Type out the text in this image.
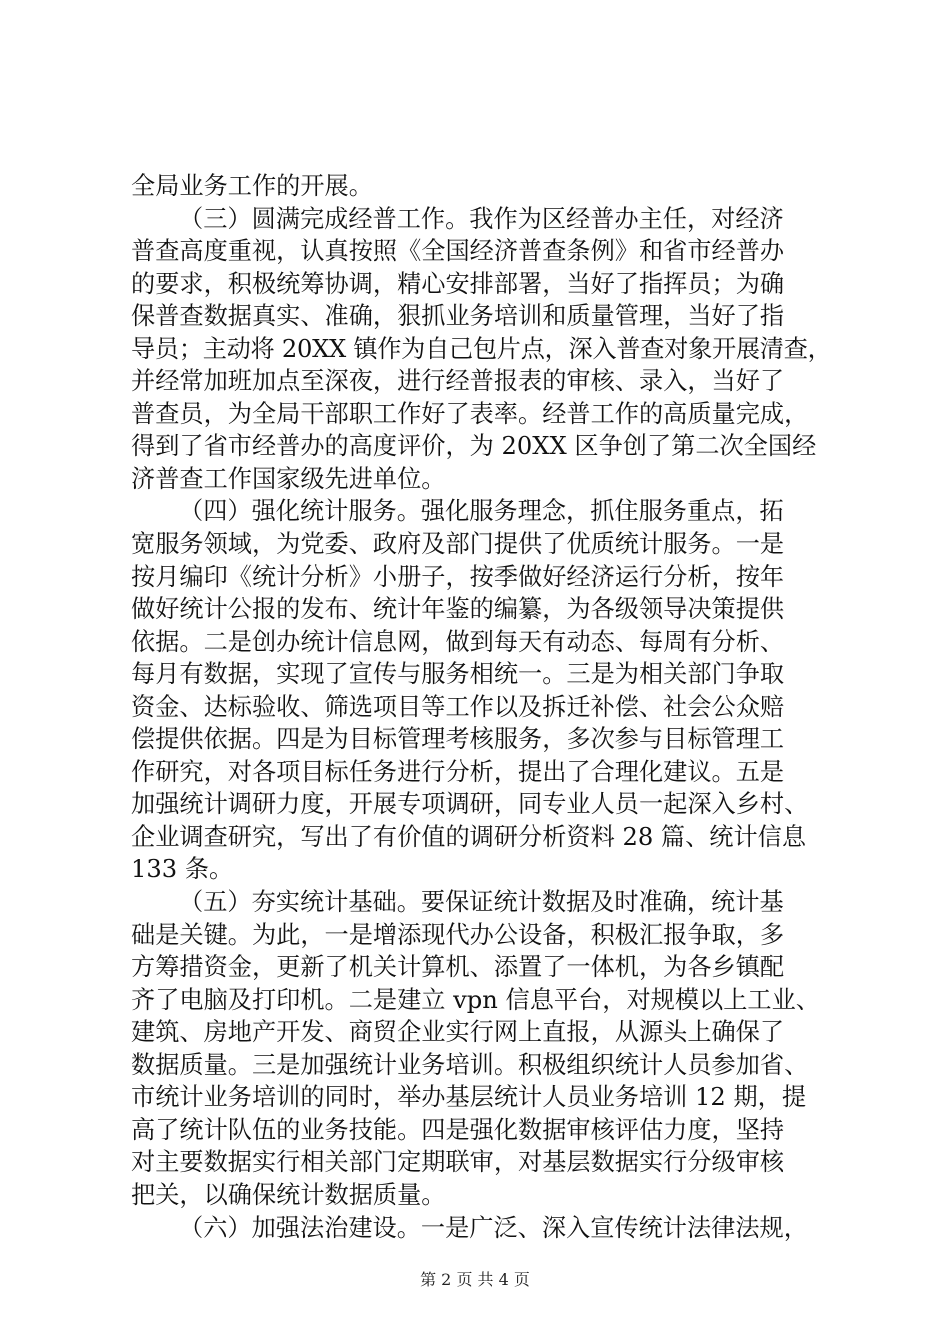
全局业务工作的开展。
（三）圆满完成经普工作。我作为区经普办主任，对经济
普查高度重视，认真按照《全国经济普查条例》和省市经普办
的要求，积极统筹协调，精心安排部署，当好了指挥员；为确
保普查数据真实、准确，狠抓业务培训和质量管理，当好了指
导员；主动将 20XX 镇作为自己包片点，深入普查对象开展清查，
并经常加班加点至深夜，进行经普报表的审核、录入，当好了
普查员，为全局干部职工作好了表率。经普工作的高质量完成，
得到了省市经普办的高度评价，为 20XX 区争创了第二次全国经
济普查工作国家级先进单位。
（四）强化统计服务。强化服务理念，抓住服务重点，拓
宽服务领域，为党委、政府及部门提供了优质统计服务。一是
按月编印《统计分析》小册子，按季做好经济运行分析，按年
做好统计公报的发布、统计年鉴的编纂，为各级领导决策提供
依据。二是创办统计信息网，做到每天有动态、每周有分析、
每月有数据，实现了宣传与服务相统一。三是为相关部门争取
资金、达标验收、筛选项目等工作以及拆迁补偿、社会公众赔
偿提供依据。四是为目标管理考核服务，多次参与目标管理工
作研究，对各项目标任务进行分析，提出了合理化建议。五是
加强统计调研力度，开展专项调研，同专业人员一起深入乡村、
企业调查研究，写出了有价值的调研分析资料 28 篇、统计信息
133 条。
（五）夯实统计基础。要保证统计数据及时准确，统计基
础是关键。为此，一是增添现代办公设备，积极汇报争取，多
方筹措资金，更新了机关计算机、添置了一体机，为各乡镇配
齐了电脑及打印机。二是建立 vpn 信息平台，对规模以上工业、
建筑、房地产开发、商贸企业实行网上直报，从源头上确保了
数据质量。三是加强统计业务培训。积极组织统计人员参加省、
市统计业务培训的同时，举办基层统计人员业务培训 12 期，提
高了统计队伍的业务技能。四是强化数据审核评估力度，坚持
对主要数据实行相关部门定期联审，对基层数据实行分级审核
把关，以确保统计数据质量。
（六）加强法治建设。一是广泛、深入宣传统计法律法规，
第 2 页 共 4 页
